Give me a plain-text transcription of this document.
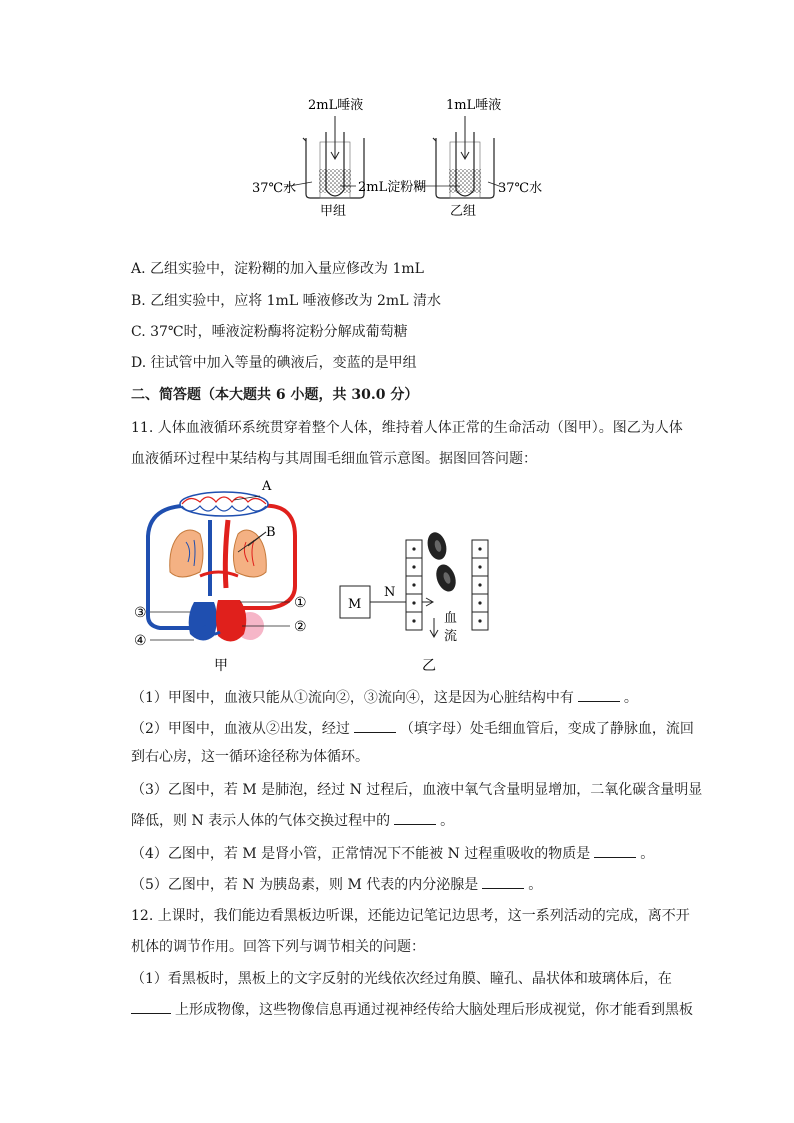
2mL唾液	1mL唾液
37℃水	2mL淀粉糊	37℃水
甲组	乙组
A. 乙组实验中，淀粉糊的加入量应修改为 1mL
B. 乙组实验中，应将 1mL 唾液修改为 2mL 清水
C. 37℃时，唾液淀粉酶将淀粉分解成葡萄糖
D. 往试管中加入等量的碘液后，变蓝的是甲组
二、简答题（本大题共 6 小题，共 30.0 分）
11. 人体血液循环系统贯穿着整个人体，维持着人体正常的生命活动（图甲）。图乙为人体
血液循环过程中某结构与其周围毛细血管示意图。据图回答问题：
A
B
③
④
①
②
甲
M
N
血
流
乙
（1）甲图中，血液只能从①流向②，③流向④，这是因为心脏结构中有	。
（2）甲图中，血液从②出发，经过	（填字母）处毛细血管后，变成了静脉血，流回
到右心房，这一循环途径称为体循环。
（3）乙图中，若 M 是肺泡，经过 N 过程后，血液中氧气含量明显增加，二氧化碳含量明显
降低，则 N 表示人体的气体交换过程中的	。
（4）乙图中，若 M 是肾小管，正常情况下不能被 N 过程重吸收的物质是	。
（5）乙图中，若 N 为胰岛素，则 M 代表的内分泌腺是	。
12. 上课时，我们能边看黑板边听课，还能边记笔记边思考，这一系列活动的完成，离不开
机体的调节作用。回答下列与调节相关的问题：
（1）看黑板时，黑板上的文字反射的光线依次经过角膜、瞳孔、晶状体和玻璃体后，在
上形成物像，这些物像信息再通过视神经传给大脑处理后形成视觉，你才能看到黑板
